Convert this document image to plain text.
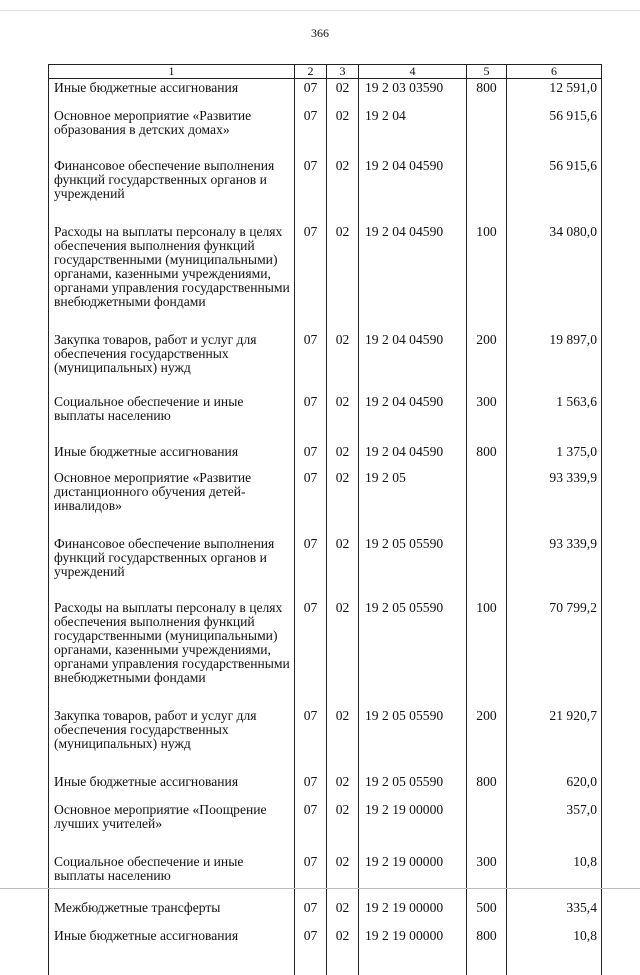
366
1	2	3	4	5	6
Иные бюджетные ассигнования	07	02	19 2 03 03590	800	12 591,0
Основное мероприятие «Развитие образования в детских домах»	07	02	19 2 04		56 915,6
Финансовое обеспечение выполнения функций государственных органов и учреждений	07	02	19 2 04 04590		56 915,6
Расходы на выплаты персоналу в целях обеспечения выполнения функций государственными (муниципальными) органами, казенными учреждениями, органами управления государственными внебюджетными фондами	07	02	19 2 04 04590	100	34 080,0
Закупка товаров, работ и услуг для обеспечения государственных (муниципальных) нужд	07	02	19 2 04 04590	200	19 897,0
Социальное обеспечение и иные выплаты населению	07	02	19 2 04 04590	300	1 563,6
Иные бюджетные ассигнования	07	02	19 2 04 04590	800	1 375,0
Основное мероприятие «Развитие дистанционного обучения детей-инвалидов»	07	02	19 2 05		93 339,9
Финансовое обеспечение выполнения функций государственных органов и учреждений	07	02	19 2 05 05590		93 339,9
Расходы на выплаты персоналу в целях обеспечения выполнения функций государственными (муниципальными) органами, казенными учреждениями, органами управления государственными внебюджетными фондами	07	02	19 2 05 05590	100	70 799,2
Закупка товаров, работ и услуг для обеспечения государственных (муниципальных) нужд	07	02	19 2 05 05590	200	21 920,7
Иные бюджетные ассигнования	07	02	19 2 05 05590	800	620,0
Основное мероприятие «Поощрение лучших учителей»	07	02	19 2 19 00000		357,0
Социальное обеспечение и иные выплаты населению	07	02	19 2 19 00000	300	10,8
Межбюджетные трансферты	07	02	19 2 19 00000	500	335,4
Иные бюджетные ассигнования	07	02	19 2 19 00000	800	10,8
